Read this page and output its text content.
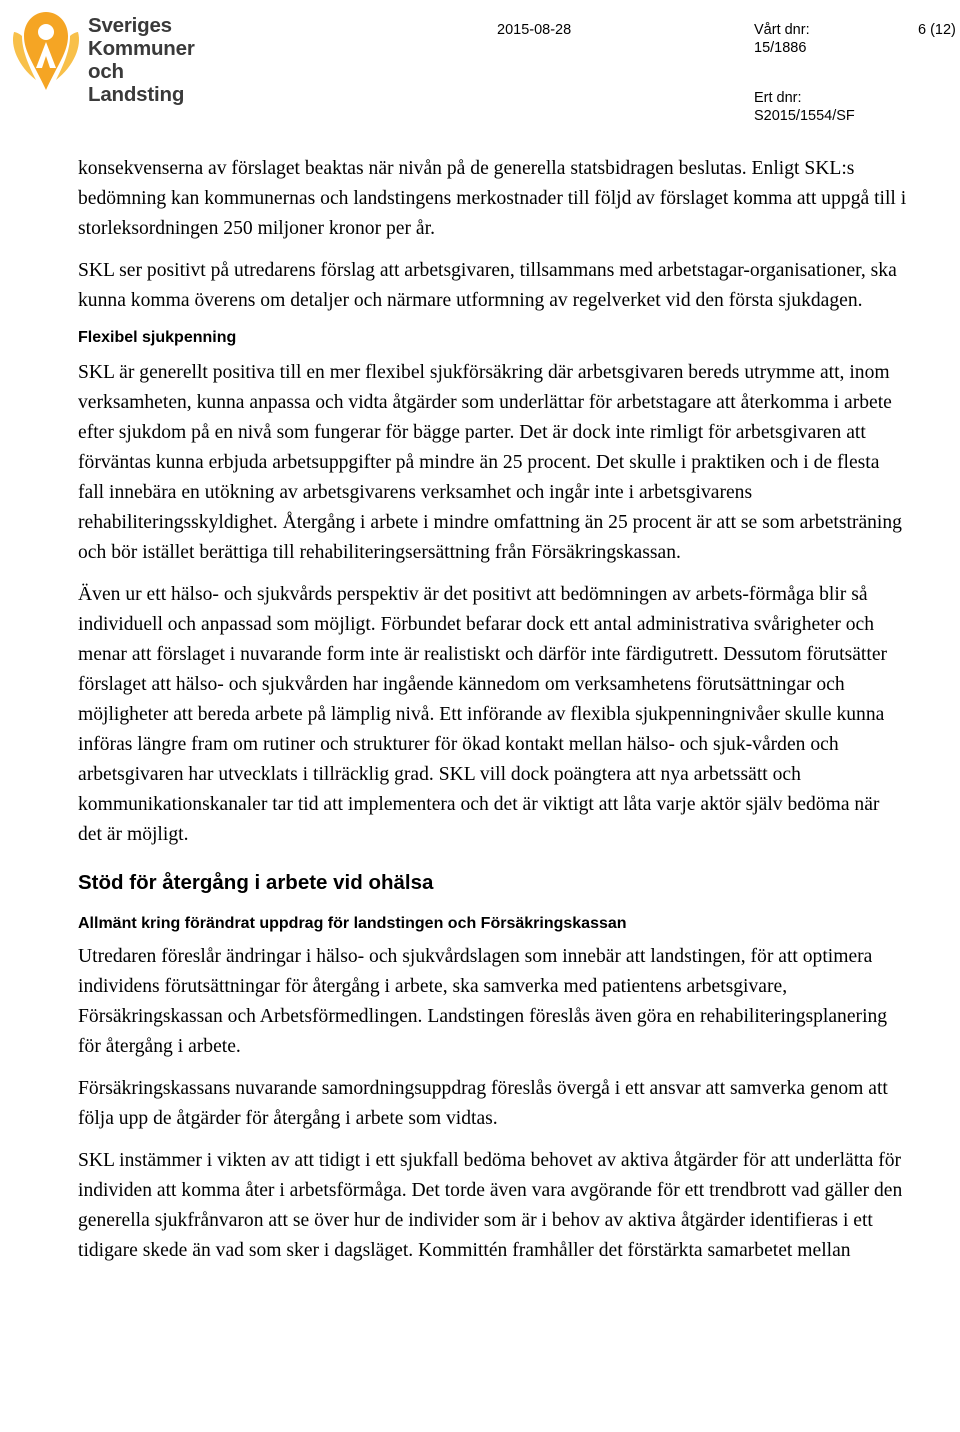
Sveriges
Kommuner
och Landsting
2015-08-28	Vårt dnr:
15/1886
6 (12)
Ert dnr:
S2015/1554/SF

konsekvenserna av förslaget beaktas när nivån på de generella statsbidragen beslutas. Enligt SKL:s bedömning kan kommunernas och landstingens merkostnader till följd av förslaget komma att uppgå till i storleksordningen 250 miljoner kronor per år.

SKL ser positivt på utredarens förslag att arbetsgivaren, tillsammans med arbetstagar-organisationer, ska kunna komma överens om detaljer och närmare utformning av regelverket vid den första sjukdagen.

Flexibel sjukpenning

SKL är generellt positiva till en mer flexibel sjukförsäkring där arbetsgivaren bereds utrymme att, inom verksamheten, kunna anpassa och vidta åtgärder som underlättar för arbetstagare att återkomma i arbete efter sjukdom på en nivå som fungerar för bägge parter. Det är dock inte rimligt för arbetsgivaren att förväntas kunna erbjuda arbetsuppgifter på mindre än 25 procent. Det skulle i praktiken och i de flesta fall innebära en utökning av arbetsgivarens verksamhet och ingår inte i arbetsgivarens rehabiliteringsskyldighet. Återgång i arbete i mindre omfattning än 25 procent är att se som arbetsträning och bör istället berättiga till rehabiliteringsersättning från Försäkringskassan.

Även ur ett hälso- och sjukvårds perspektiv är det positivt att bedömningen av arbets-förmåga blir så individuell och anpassad som möjligt. Förbundet befarar dock ett antal administrativa svårigheter och menar att förslaget i nuvarande form inte är realistiskt och därför inte färdigutrett. Dessutom förutsätter förslaget att hälso- och sjukvården har ingående kännedom om verksamhetens förutsättningar och möjligheter att bereda arbete på lämplig nivå. Ett införande av flexibla sjukpenningnivåer skulle kunna införas längre fram om rutiner och strukturer för ökad kontakt mellan hälso- och sjuk-vården och arbetsgivaren har utvecklats i tillräcklig grad. SKL vill dock poängtera att nya arbetssätt och kommunikationskanaler tar tid att implementera och det är viktigt att låta varje aktör själv bedöma när det är möjligt.

Stöd för återgång i arbete vid ohälsa
Allmänt kring förändrat uppdrag för landstingen och Försäkringskassan

Utredaren föreslår ändringar i hälso- och sjukvårdslagen som innebär att landstingen, för att optimera individens förutsättningar för återgång i arbete, ska samverka med patientens arbetsgivare, Försäkringskassan och Arbetsförmedlingen. Landstingen föreslås även göra en rehabiliteringsplanering för återgång i arbete.

Försäkringskassans nuvarande samordningsuppdrag föreslås övergå i ett ansvar att samverka genom att följa upp de åtgärder för återgång i arbete som vidtas.

SKL instämmer i vikten av att tidigt i ett sjukfall bedöma behovet av aktiva åtgärder för att underlätta för individen att komma åter i arbetsförmåga. Det torde även vara avgörande för ett trendbrott vad gäller den generella sjukfrånvaron att se över hur de individer som är i behov av aktiva åtgärder identifieras i ett tidigare skede än vad som sker i dagsläget. Kommittén framhåller det förstärkta samarbetet mellan
